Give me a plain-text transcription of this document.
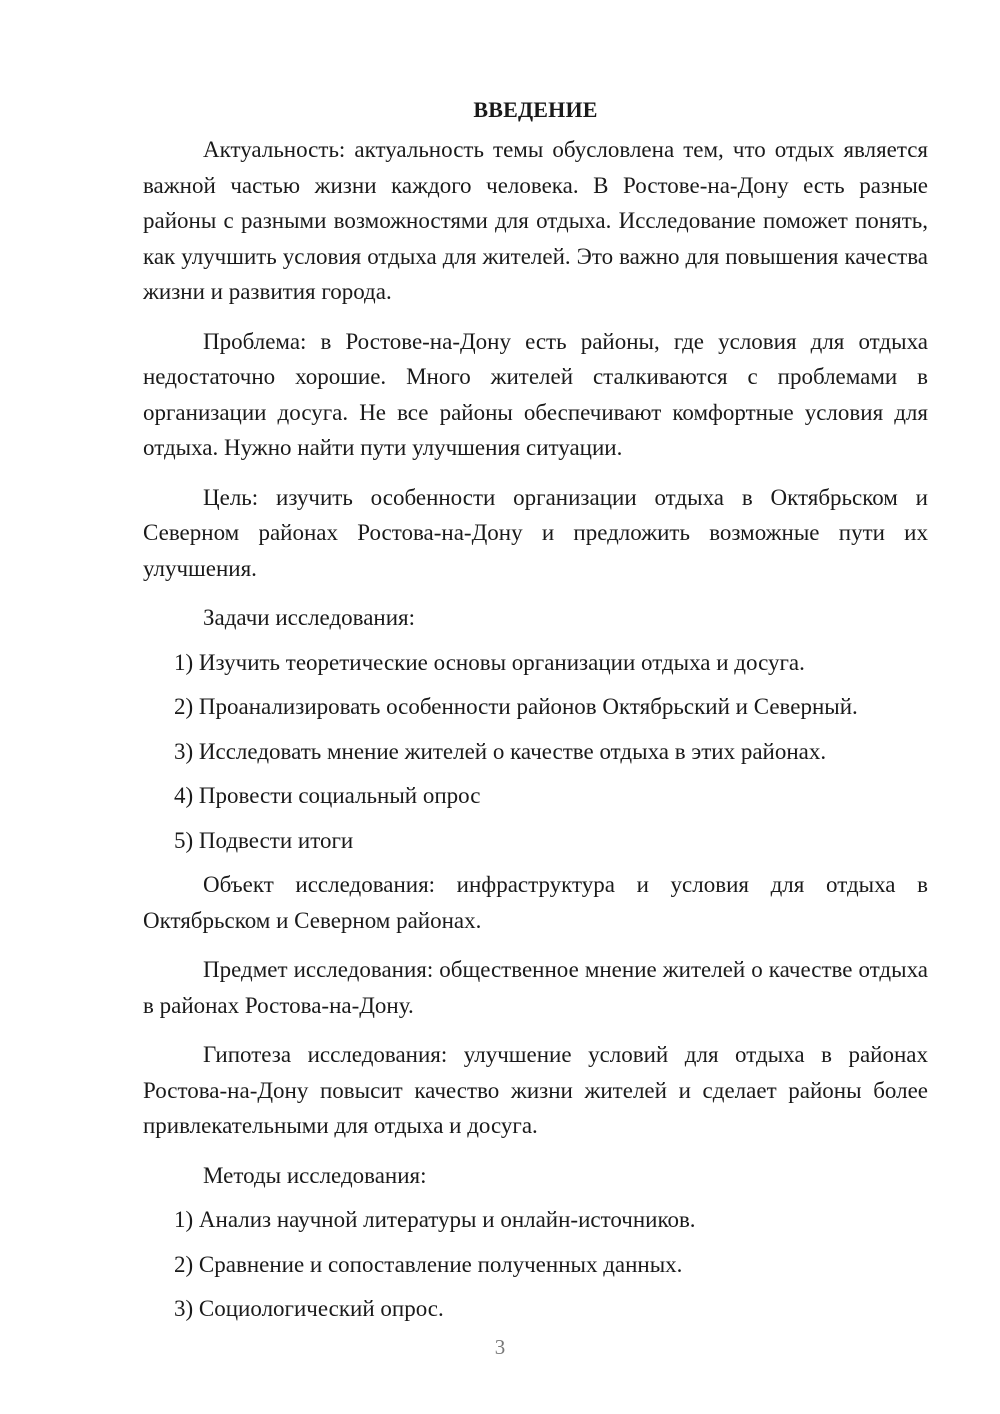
ВВЕДЕНИЕ

Актуальность: актуальность темы обусловлена тем, что отдых является важной частью жизни каждого человека. В Ростове-на-Дону есть разные районы с разными возможностями для отдыха. Исследование поможет понять, как улучшить условия отдыха для жителей. Это важно для повышения качества жизни и развития города.

Проблема: в Ростове-на-Дону есть районы, где условия для отдыха недостаточно хорошие. Много жителей сталкиваются с проблемами в организации досуга. Не все районы обеспечивают комфортные условия для отдыха. Нужно найти пути улучшения ситуации.

Цель: изучить особенности организации отдыха в Октябрьском и Северном районах Ростова-на-Дону и предложить возможные пути их улучшения.

Задачи исследования:

1) Изучить теоретические основы организации отдыха и досуга.
2) Проанализировать особенности районов Октябрьский и Северный.
3) Исследовать мнение жителей о качестве отдыха в этих районах.
4) Провести социальный опрос
5) Подвести итоги

Объект исследования: инфраструктура и условия для отдыха в Октябрьском и Северном районах.

Предмет исследования: общественное мнение жителей о качестве отдыха в районах Ростова-на-Дону.

Гипотеза исследования: улучшение условий для отдыха в районах Ростова-на-Дону повысит качество жизни жителей и сделает районы более привлекательными для отдыха и досуга.

Методы исследования:

1) Анализ научной литературы и онлайн-источников.
2) Сравнение и сопоставление полученных данных.
3) Социологический опрос.
3
